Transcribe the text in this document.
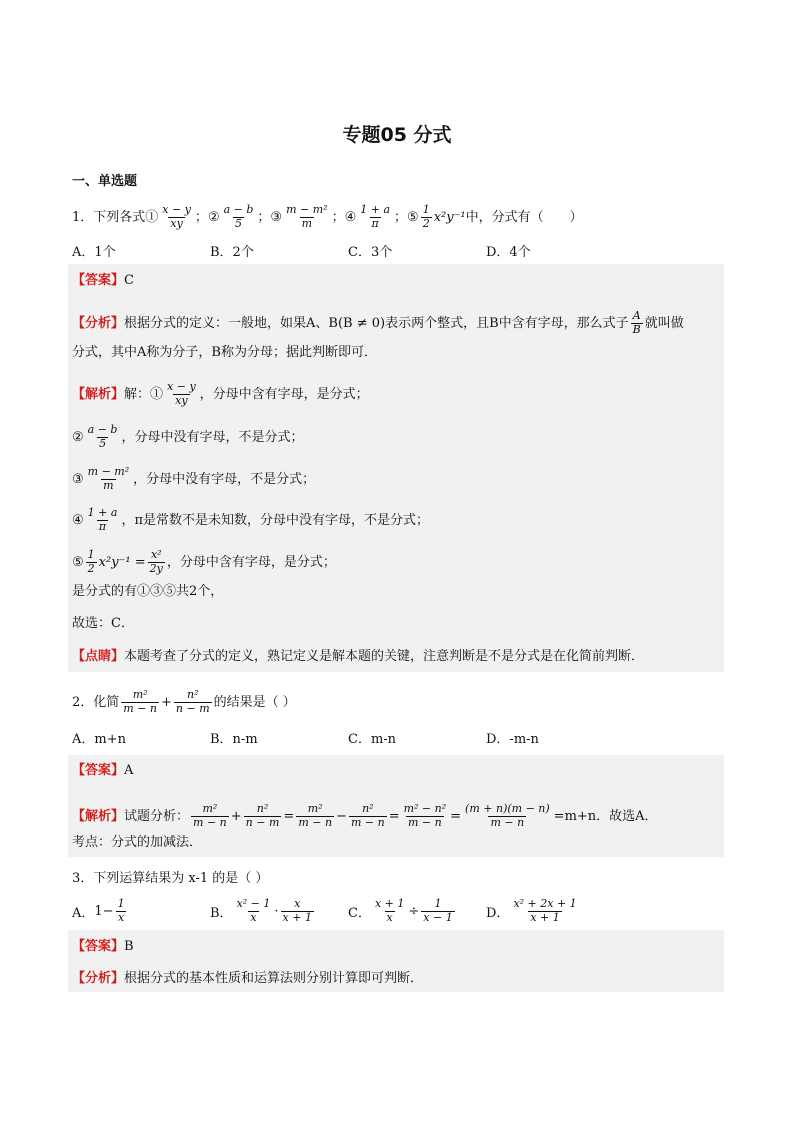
专题05 分式
一、单选题
1．下列各式① $\frac{x - y}{xy}$ ； ② $\frac{a - b}{5}$ ； ③ $\frac{\text{m − m²}}{m}$ ； ④ $\frac{1 + a}{\pi}$ ； ⑤ $\frac{1}{2} x^2y^{-1}$ 中，分式有（　　）
A．1个	B．2个	C．3个	D．4个
【答案】 C
【分析】 根据分式的定义：一般地，如果A、B(B ≠ 0)表示两个整式，且B中含有字母，那么式子 $\frac{A}{B}$ 就叫做
分式，其中A称为分子，B称为分母；据此判断即可．
【解析】 解：① $\frac{x - y}{xy}$ ，分母中含有字母，是分式；
② $\frac{a - b}{5}$ ，分母中没有字母，不是分式；
③ $\frac{\text{m − m²}}{m}$ ，分母中没有字母，不是分式；
④ $\frac{1 + a}{\pi}$ ，π是常数不是未知数，分母中没有字母，不是分式；
⑤ $\frac{1}{2} x^2y^{-1} = \frac{\text{x²}}{2y}$ ，分母中含有字母，是分式；
是分式的有①③⑤共2个，
故选：C．
【点睛】 本题考查了分式的定义，熟记定义是解本题的关键，注意判断是不是分式是在化简前判断．
2．化简 $\frac{\text{m²}}{m - n} + \frac{\text{n²}}{n - m}$ 的结果是（ ）
A．m+n	B．n-m	C．m-n	D．-m-n
【答案】 A
【解析】 试题分析： $\frac{\text{m²}}{m - n} + \frac{\text{n²}}{n - m} = \frac{\text{m²}}{m - n} - \frac{\text{n²}}{m - n} = \frac{\text{m² − n²}}{m - n} = \frac{(m + n)(m - n)}{m - n} =m+n$．故选A．
考点：分式的加减法．
3．下列运算结果为 x-1 的是（ ）
A． $1- \frac{1}{x}$	B． $\frac{\text{x² − 1}}{x} \cdot \frac{x}{x + 1}$	C． $\frac{x + 1}{x} \div \frac{1}{x - 1}$ D． $\frac{\text{x² + 2x + 1}}{x + 1}$
【答案】 B
【分析】 根据分式的基本性质和运算法则分别计算即可判断．
